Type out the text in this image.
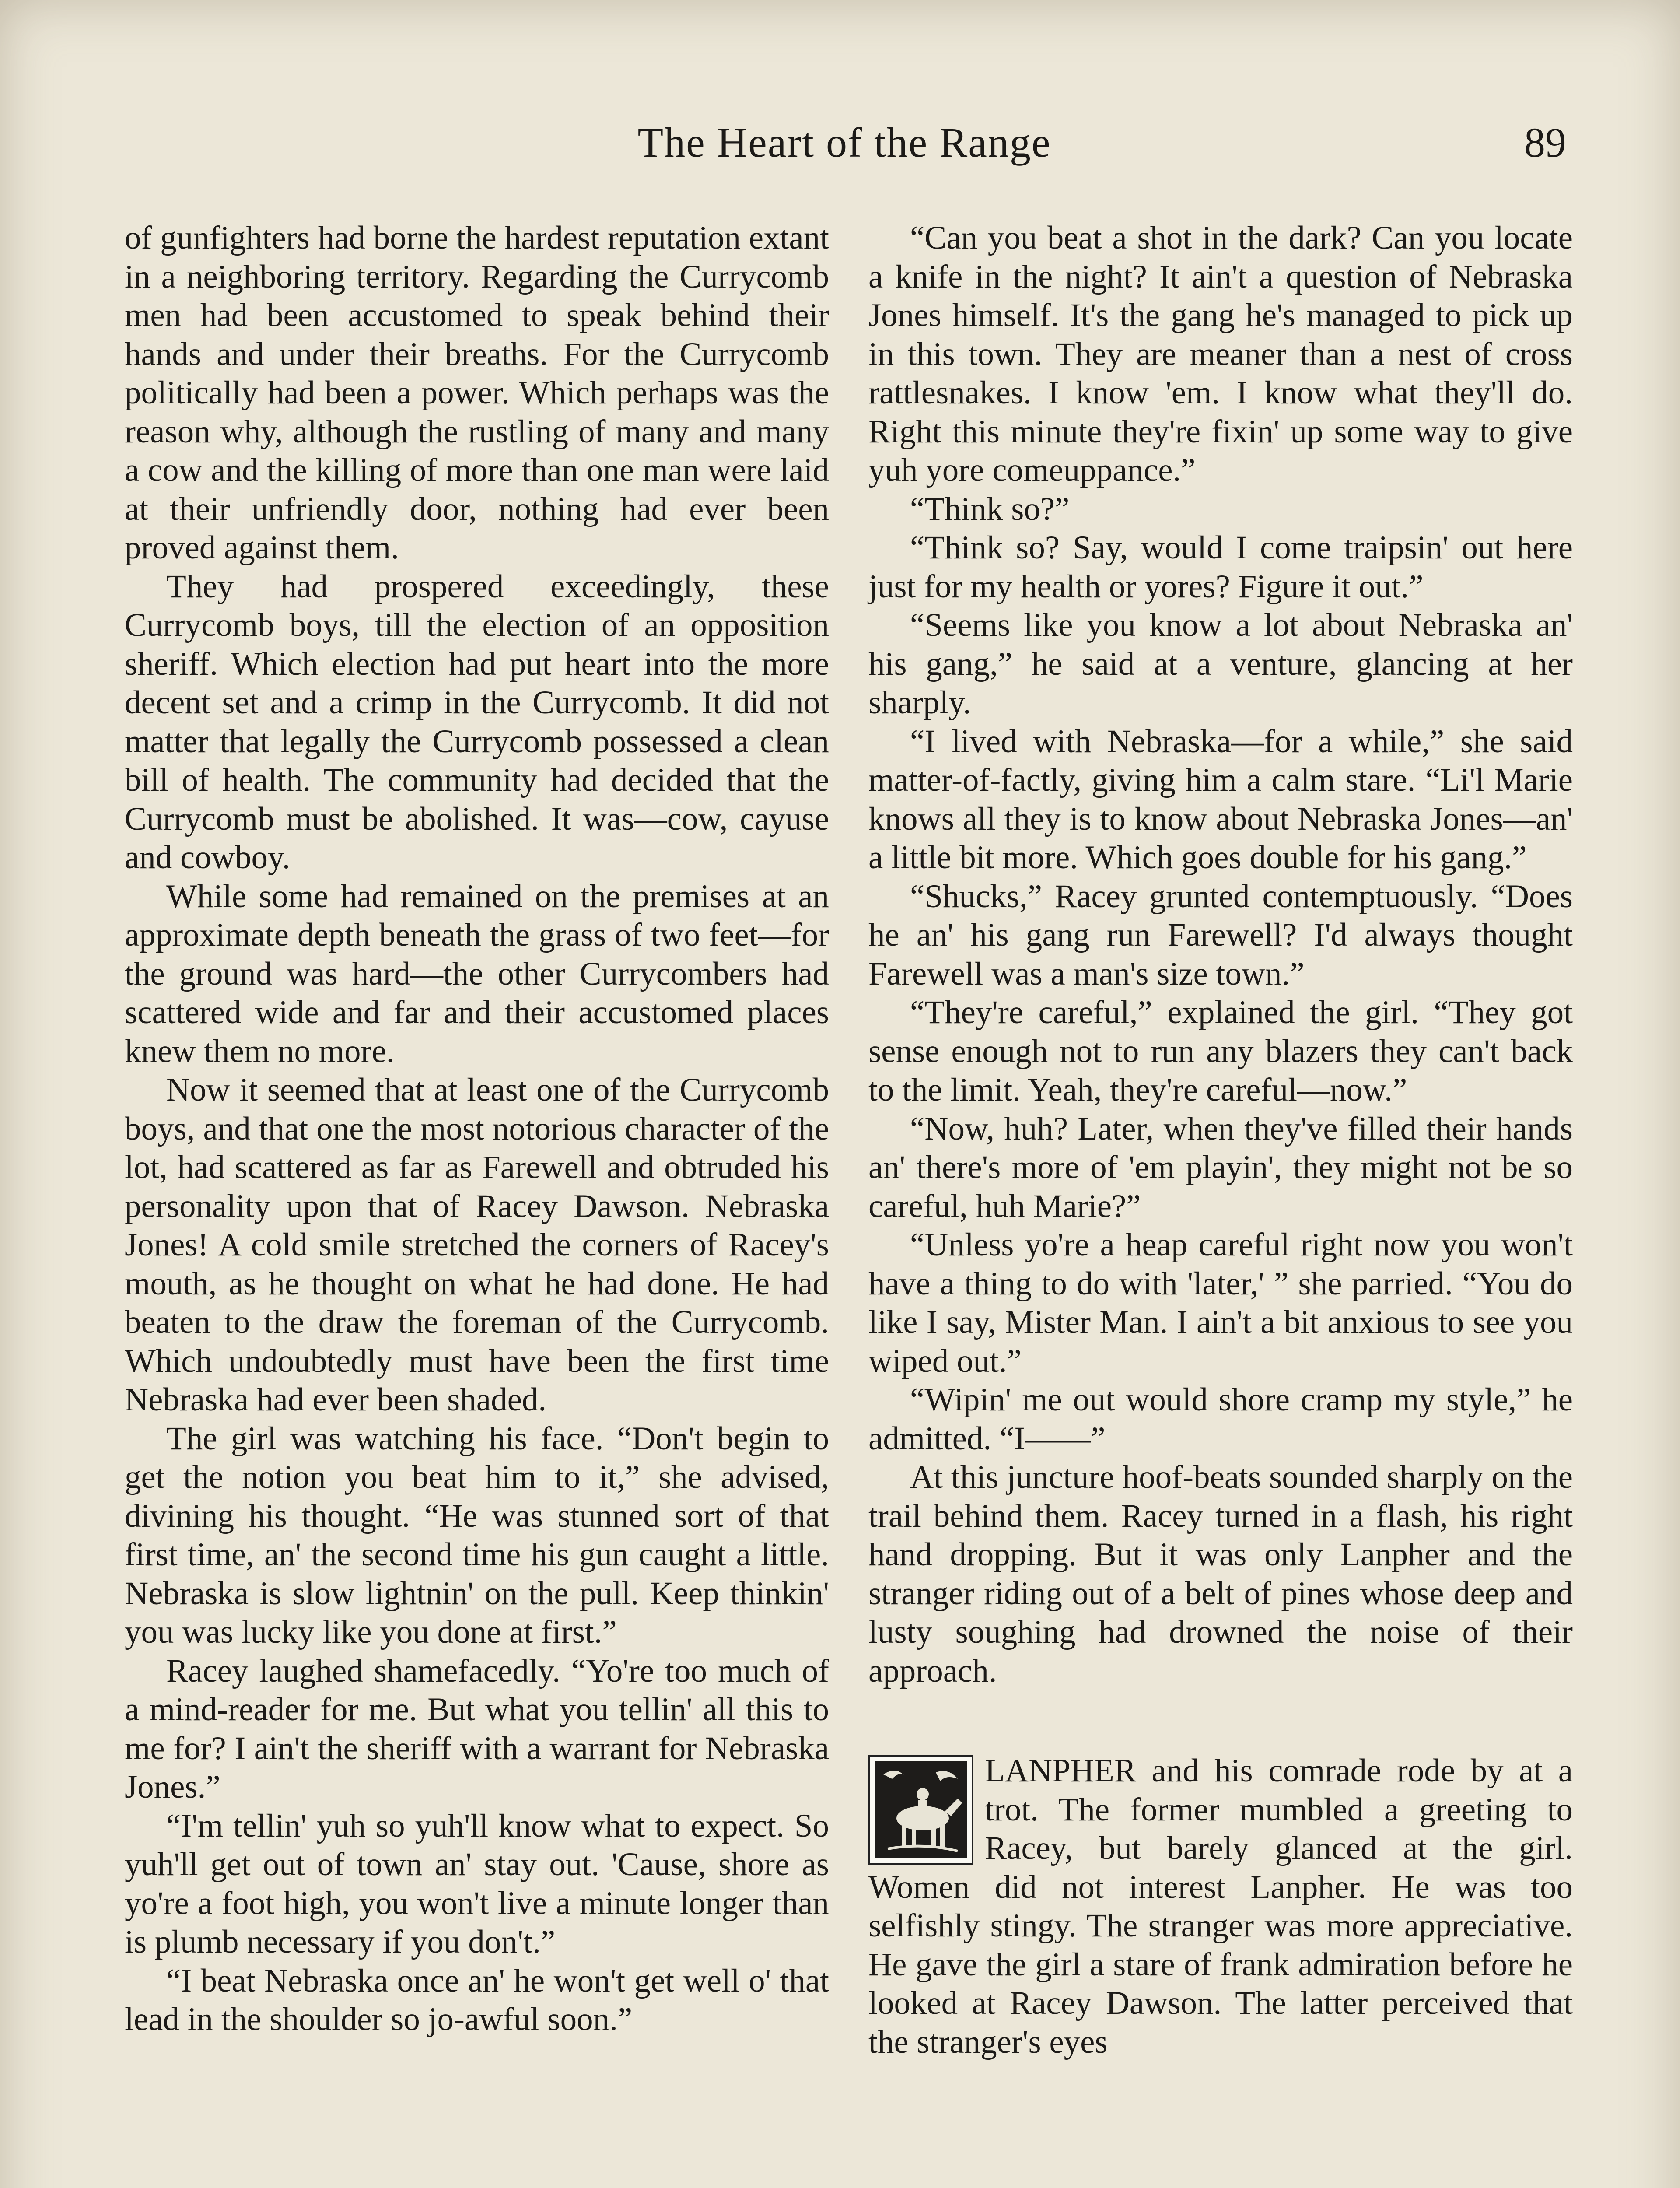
The Heart of the Range	89

of gunfighters had borne the hardest reputation extant in a neighboring territory. Regarding the Currycomb men had been accustomed to speak behind their hands and under their breaths. For the Currycomb politically had been a power. Which perhaps was the reason why, although the rustling of many and many a cow and the killing of more than one man were laid at their unfriendly door, nothing had ever been proved against them.

They had prospered exceedingly, these Currycomb boys, till the election of an opposition sheriff. Which election had put heart into the more decent set and a crimp in the Currycomb. It did not matter that legally the Currycomb possessed a clean bill of health. The community had decided that the Currycomb must be abolished. It was—cow, cayuse and cowboy.

While some had remained on the premises at an approximate depth beneath the grass of two feet—for the ground was hard—the other Currycombers had scattered wide and far and their accustomed places knew them no more.

Now it seemed that at least one of the Currycomb boys, and that one the most notorious character of the lot, had scattered as far as Farewell and obtruded his personality upon that of Racey Dawson. Nebraska Jones! A cold smile stretched the corners of Racey's mouth, as he thought on what he had done. He had beaten to the draw the foreman of the Currycomb. Which undoubtedly must have been the first time Nebraska had ever been shaded.

The girl was watching his face. “Don't begin to get the notion you beat him to it,” she advised, divining his thought. “He was stunned sort of that first time, an' the second time his gun caught a little. Nebraska is slow lightnin' on the pull. Keep thinkin' you was lucky like you done at first.”

Racey laughed shamefacedly. “Yo're too much of a mind-reader for me. But what you tellin' all this to me for? I ain't the sheriff with a warrant for Nebraska Jones.”

“I'm tellin' yuh so yuh'll know what to expect. So yuh'll get out of town an' stay out. 'Cause, shore as yo're a foot high, you won't live a minute longer than is plumb necessary if you don't.”

“I beat Nebraska once an' he won't get well o' that lead in the shoulder so jo-awful soon.”

“Can you beat a shot in the dark? Can you locate a knife in the night? It ain't a question of Nebraska Jones himself. It's the gang he's managed to pick up in this town. They are meaner than a nest of cross rattlesnakes. I know 'em. I know what they'll do. Right this minute they're fixin' up some way to give yuh yore comeuppance.”

“Think so?”

“Think so? Say, would I come traipsin' out here just for my health or yores? Figure it out.”

“Seems like you know a lot about Nebraska an' his gang,” he said at a venture, glancing at her sharply.

“I lived with Nebraska—for a while,” she said matter-of-factly, giving him a calm stare. “Li'l Marie knows all they is to know about Nebraska Jones—an' a little bit more. Which goes double for his gang.”

“Shucks,” Racey grunted contemptuously. “Does he an' his gang run Farewell? I'd always thought Farewell was a man's size town.”

“They're careful,” explained the girl. “They got sense enough not to run any blazers they can't back to the limit. Yeah, they're careful—now.”

“Now, huh? Later, when they've filled their hands an' there's more of 'em playin', they might not be so careful, huh Marie?”

“Unless yo're a heap careful right now you won't have a thing to do with 'later,' ” she parried. “You do like I say, Mister Man. I ain't a bit anxious to see you wiped out.”

“Wipin' me out would shore cramp my style,” he admitted. “I——”

At this juncture hoof-beats sounded sharply on the trail behind them. Racey turned in a flash, his right hand dropping. But it was only Lanpher and the stranger riding out of a belt of pines whose deep and lusty soughing had drowned the noise of their approach.

LANPHER and his comrade rode by at a trot. The former mumbled a greeting to Racey, but barely glanced at the girl. Women did not interest Lanpher. He was too selfishly stingy. The stranger was more appreciative. He gave the girl a stare of frank admiration before he looked at Racey Dawson. The latter perceived that the stranger's eyes
